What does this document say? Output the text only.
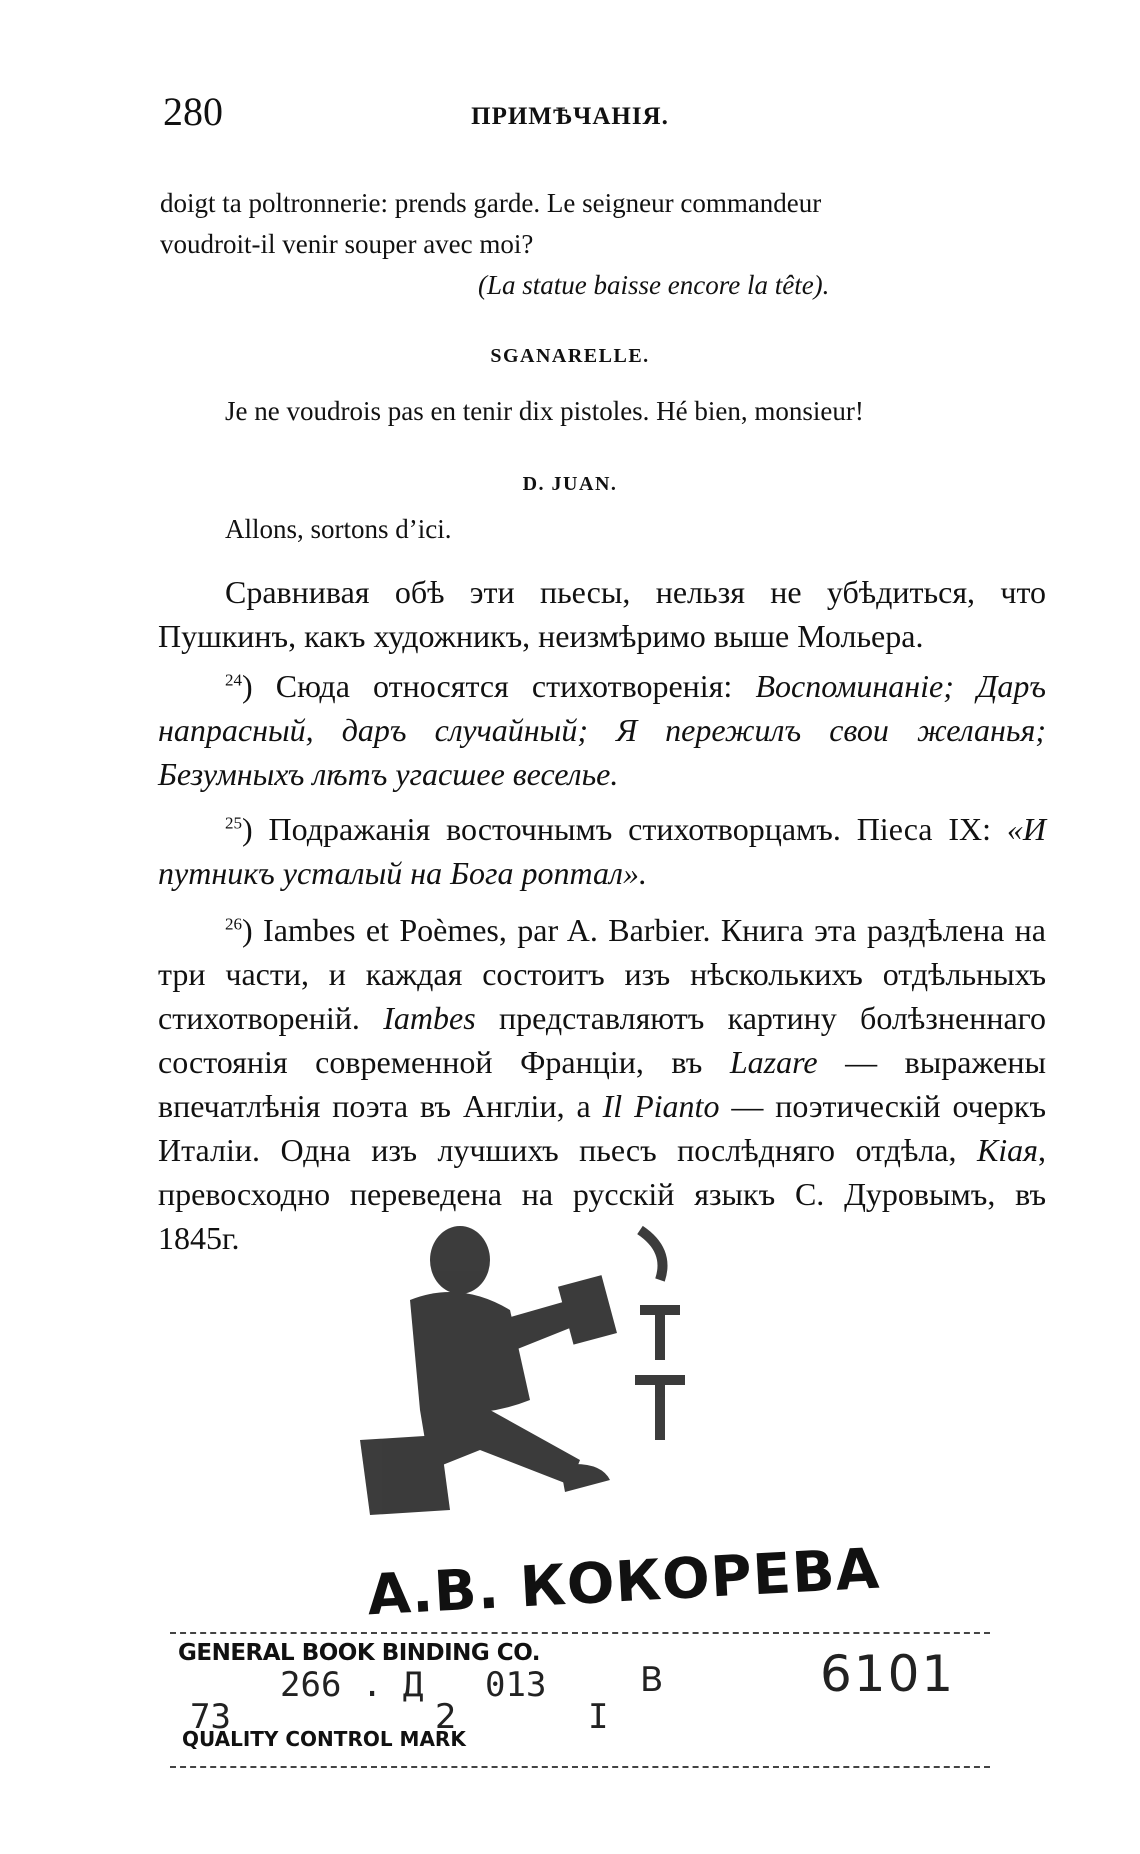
280	ПРИМѢЧАНІЯ.
doigt ta poltronnerie: prends garde. Le seigneur commandeur
voudroit-il venir souper avec moi?
(La statue baisse encore la tête).
SGANARELLE.
Je ne voudrois pas en tenir dix pistoles. Hé bien, monsieur!
D. JUAN.
Allons, sortons d’ici.

Сравнивая обѣ эти пьесы, нельзя не убѣдиться, что Пушкинъ, какъ художникъ, неизмѣримо выше Мольера.

$^{24}$) Сюда относятся стихотворенія: Воспоминаніе; Даръ напрасный, даръ случайный; Я пережилъ свои желанья; Безумныхъ лѣтъ угасшее веселье.

$^{25}$) Подражанія восточнымъ стихотворцамъ. Піеса IX: «И путникъ усталый на Бога роптал».

$^{26}$) Iambes et Poèmes, par A. Barbier. Книга эта раздѣлена на три части, и каждая состоитъ изъ нѣсколькихъ отдѣльныхъ стихотвореній. Iambes представляютъ картину болѣзненнаго состоянія современной Франціи, въ Lazare — выражены впечатлѣнія поэта въ Англіи, а Il Pianto — поэтическій очеркъ Италіи. Одна изъ лучшихъ пьесъ послѣдняго отдѣла, Кіая, превосходно переведена на русскій языкъ С. Дуровымъ, въ 1845г.

А.В. КОКОРЕВА
GENERAL BOOK BINDING CO.
266 . Д 013	B
73	2	I
6101
QUALITY CONTROL MARK
